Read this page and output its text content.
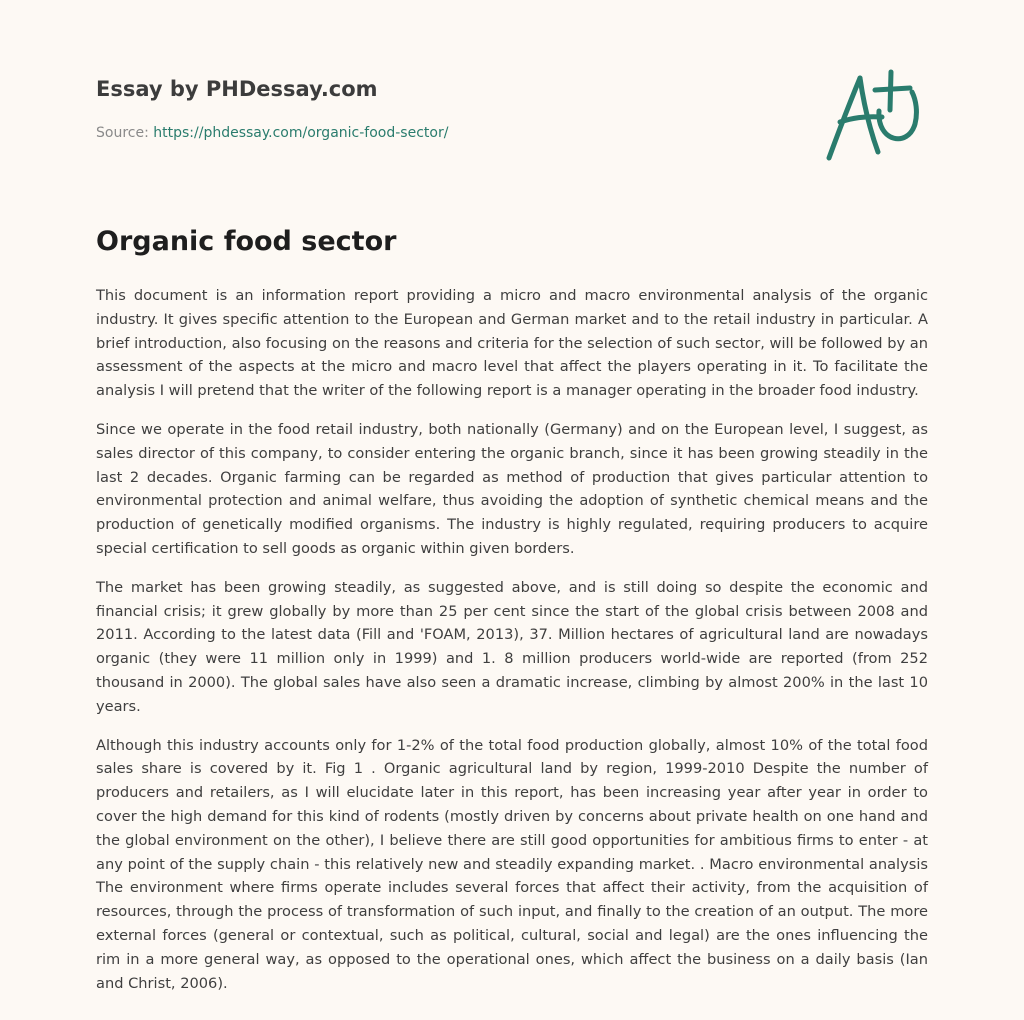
Essay by PHDessay.com
Source: https://phdessay.com/organic-food-sector/
Organic food sector

This document is an information report providing a micro and macro environmental analysis of the organic industry. It gives specific attention to the European and German market and to the retail industry in particular. A brief introduction, also focusing on the reasons and criteria for the selection of such sector, will be followed by an assessment of the aspects at the micro and macro level that affect the players operating in it. To facilitate the analysis I will pretend that the writer of the following report is a manager operating in the broader food industry.

Since we operate in the food retail industry, both nationally (Germany) and on the European level, I suggest, as sales director of this company, to consider entering the organic branch, since it has been growing steadily in the last 2 decades. Organic farming can be regarded as method of production that gives particular attention to environmental protection and animal welfare, thus avoiding the adoption of synthetic chemical means and the production of genetically modified organisms. The industry is highly regulated, requiring producers to acquire special certification to sell goods as organic within given borders.

The market has been growing steadily, as suggested above, and is still doing so despite the economic and financial crisis; it grew globally by more than 25 per cent since the start of the global crisis between 2008 and 2011. According to the latest data (Fill and 'FOAM, 2013), 37. Million hectares of agricultural land are nowadays organic (they were 11 million only in 1999) and 1. 8 million producers world-wide are reported (from 252 thousand in 2000). The global sales have also seen a dramatic increase, climbing by almost 200% in the last 10 years.

Although this industry accounts only for 1-2% of the total food production globally, almost 10% of the total food sales share is covered by it. Fig 1 . Organic agricultural land by region, 1999-2010 Despite the number of producers and retailers, as I will elucidate later in this report, has been increasing year after year in order to cover the high demand for this kind of rodents (mostly driven by concerns about private health on one hand and the global environment on the other), I believe there are still good opportunities for ambitious firms to enter - at any point of the supply chain - this relatively new and steadily expanding market. . Macro environmental analysis The environment where firms operate includes several forces that affect their activity, from the acquisition of resources, through the process of transformation of such input, and finally to the creation of an output. The more external forces (general or contextual, such as political, cultural, social and legal) are the ones influencing the rim in a more general way, as opposed to the operational ones, which affect the business on a daily basis (Ian and Christ, 2006).
